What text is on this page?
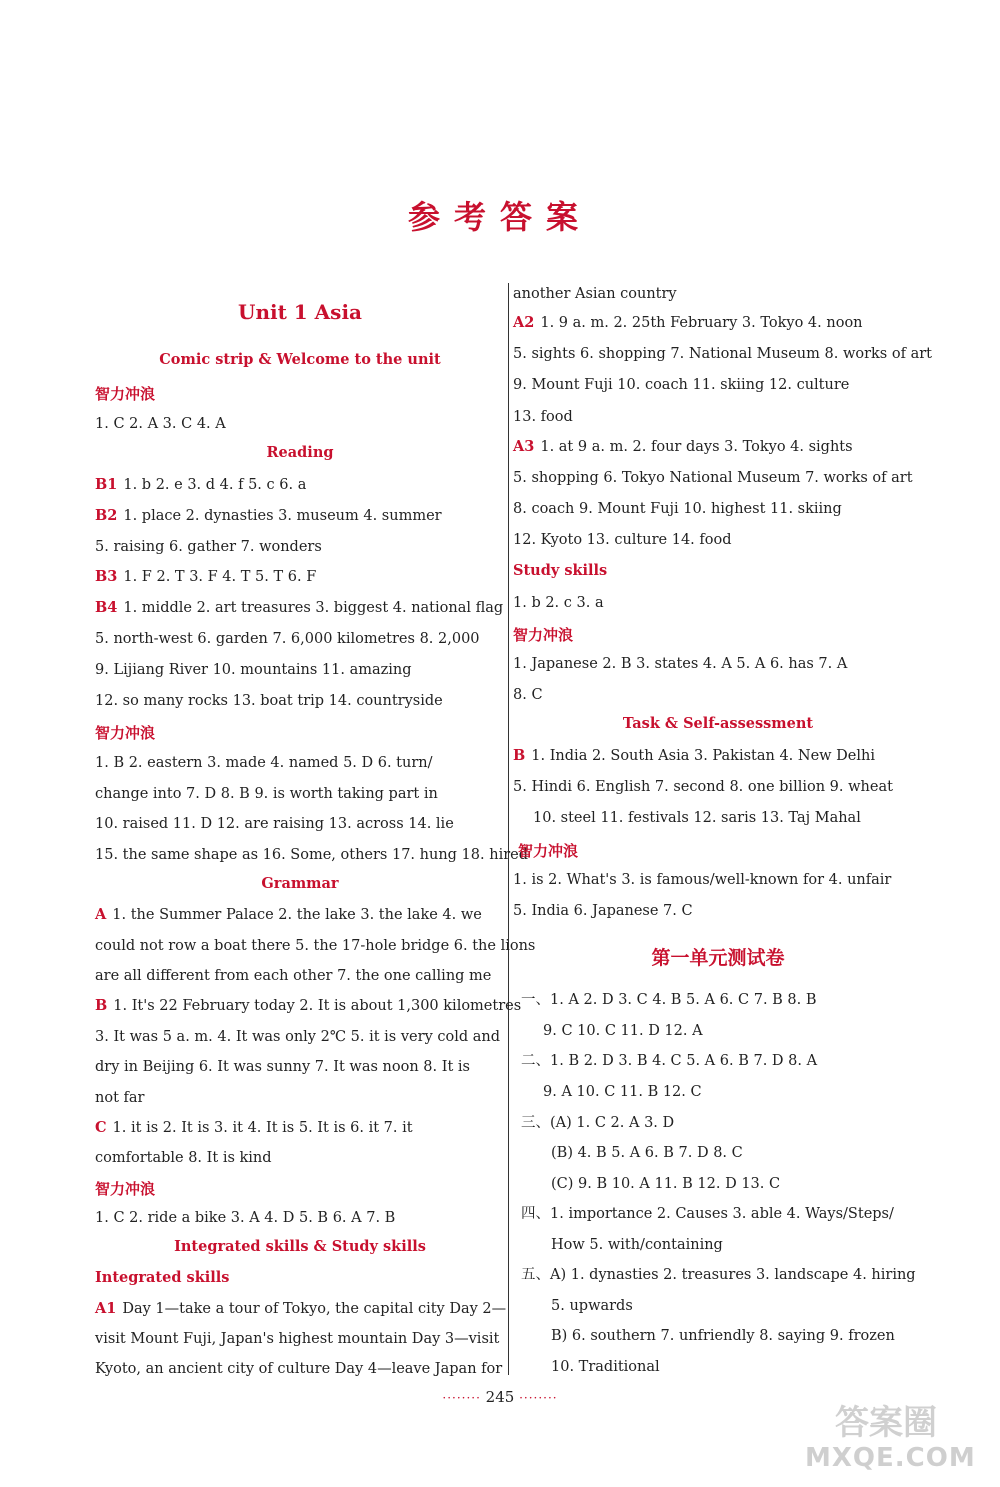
参考答案
Unit 1 Asia
Comic strip & Welcome to the unit
智力冲浪
1. C 2. A 3. C 4. A
Reading
B1 1. b 2. e 3. d 4. f 5. c 6. a
B2 1. place 2. dynasties 3. museum 4. summer
5. raising 6. gather 7. wonders
B3 1. F 2. T 3. F 4. T 5. T 6. F
B4 1. middle 2. art treasures 3. biggest 4. national flag
5. north-west 6. garden 7. 6,000 kilometres 8. 2,000
9. Lijiang River 10. mountains 11. amazing
12. so many rocks 13. boat trip 14. countryside
智力冲浪
1. B 2. eastern 3. made 4. named 5. D 6. turn/
change into 7. D 8. B 9. is worth taking part in
10. raised 11. D 12. are raising 13. across 14. lie
15. the same shape as 16. Some, others 17. hung 18. hired
Grammar
A 1. the Summer Palace 2. the lake 3. the lake 4. we
could not row a boat there 5. the 17-hole bridge 6. the lions
are all different from each other 7. the one calling me
B 1. It's 22 February today 2. It is about 1,300 kilometres
3. It was 5 a. m. 4. It was only 2℃ 5. it is very cold and
dry in Beijing 6. It was sunny 7. It was noon 8. It is
not far
C 1. it is 2. It is 3. it 4. It is 5. It is 6. it 7. it
comfortable 8. It is kind
智力冲浪
1. C 2. ride a bike 3. A 4. D 5. B 6. A 7. B
Integrated skills & Study skills
Integrated skills
A1 Day 1—take a tour of Tokyo, the capital city Day 2—
visit Mount Fuji, Japan's highest mountain Day 3—visit
Kyoto, an ancient city of culture Day 4—leave Japan for
another Asian country
A2 1. 9 a. m. 2. 25th February 3. Tokyo 4. noon
5. sights 6. shopping 7. National Museum 8. works of art
9. Mount Fuji 10. coach 11. skiing 12. culture
13. food
A3 1. at 9 a. m. 2. four days 3. Tokyo 4. sights
5. shopping 6. Tokyo National Museum 7. works of art
8. coach 9. Mount Fuji 10. highest 11. skiing
12. Kyoto 13. culture 14. food
Study skills
1. b 2. c 3. a
智力冲浪
1. Japanese 2. B 3. states 4. A 5. A 6. has 7. A
8. C
Task & Self-assessment
B 1. India 2. South Asia 3. Pakistan 4. New Delhi
5. Hindi 6. English 7. second 8. one billion 9. wheat
10. steel 11. festivals 12. saris 13. Taj Mahal
智力冲浪
1. is 2. What's 3. is famous/well-known for 4. unfair
5. India 6. Japanese 7. C
第一单元测试卷
一、1. A 2. D 3. C 4. B 5. A 6. C 7. B 8. B
9. C 10. C 11. D 12. A
二、1. B 2. D 3. B 4. C 5. A 6. B 7. D 8. A
9. A 10. C 11. B 12. C
三、(A) 1. C 2. A 3. D
(B) 4. B 5. A 6. B 7. D 8. C
(C) 9. B 10. A 11. B 12. D 13. C
四、1. importance 2. Causes 3. able 4. Ways/Steps/
How 5. with/containing
五、A) 1. dynasties 2. treasures 3. landscape 4. hiring
5. upwards
B) 6. southern 7. unfriendly 8. saying 9. frozen
10. Traditional
········ 245 ········
答案圈
MXQE.COM
